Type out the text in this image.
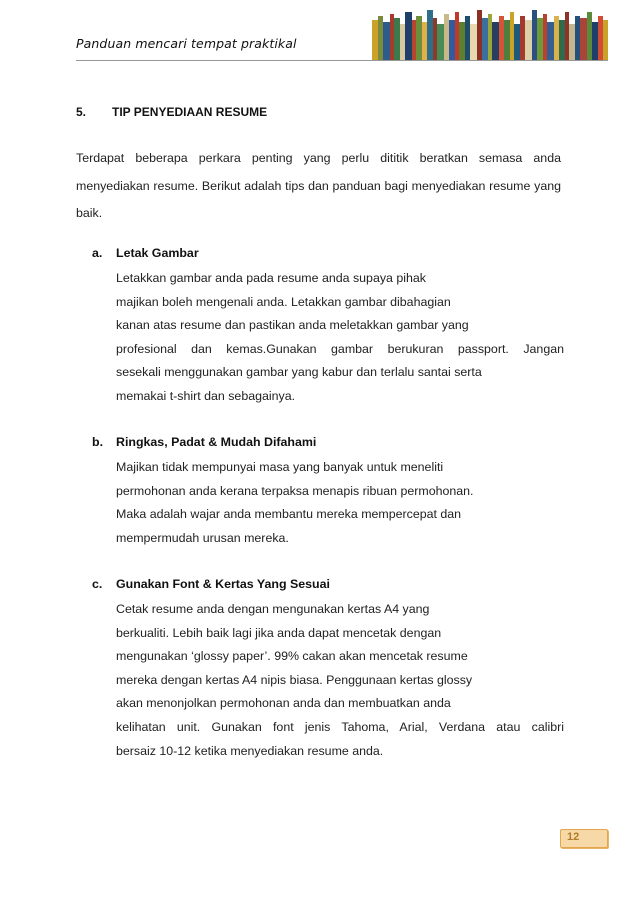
Panduan mencari tempat praktikal
5. TIP PENYEDIAAN RESUME

Terdapat beberapa perkara penting yang perlu dititik beratkan semasa anda menyediakan resume. Berikut adalah tips dan panduan bagi menyediakan resume yang baik.

a. Letak Gambar
Letakkan gambar anda pada resume anda supaya pihak
majikan boleh mengenali anda. Letakkan gambar dibahagian
kanan atas resume dan pastikan anda meletakkan gambar yang
profesional dan kemas.Gunakan gambar berukuran passport. Jangan
sesekali menggunakan gambar yang kabur dan terlalu santai serta
memakai t-shirt dan sebagainya.
b. Ringkas, Padat & Mudah Difahami
Majikan tidak mempunyai masa yang banyak untuk meneliti
permohonan anda kerana terpaksa menapis ribuan permohonan.
Maka adalah wajar anda membantu mereka mempercepat dan
mempermudah urusan mereka.
c. Gunakan Font & Kertas Yang Sesuai
Cetak resume anda dengan mengunakan kertas A4 yang
berkualiti. Lebih baik lagi jika anda dapat mencetak dengan
mengunakan ‘glossy paper’. 99% cakan akan mencetak resume
mereka dengan kertas A4 nipis biasa. Penggunaan kertas glossy
akan menonjolkan permohonan anda dan membuatkan anda
kelihatan unit. Gunakan font jenis Tahoma, Arial, Verdana atau calibri
bersaiz 10-12 ketika menyediakan resume anda.
12
